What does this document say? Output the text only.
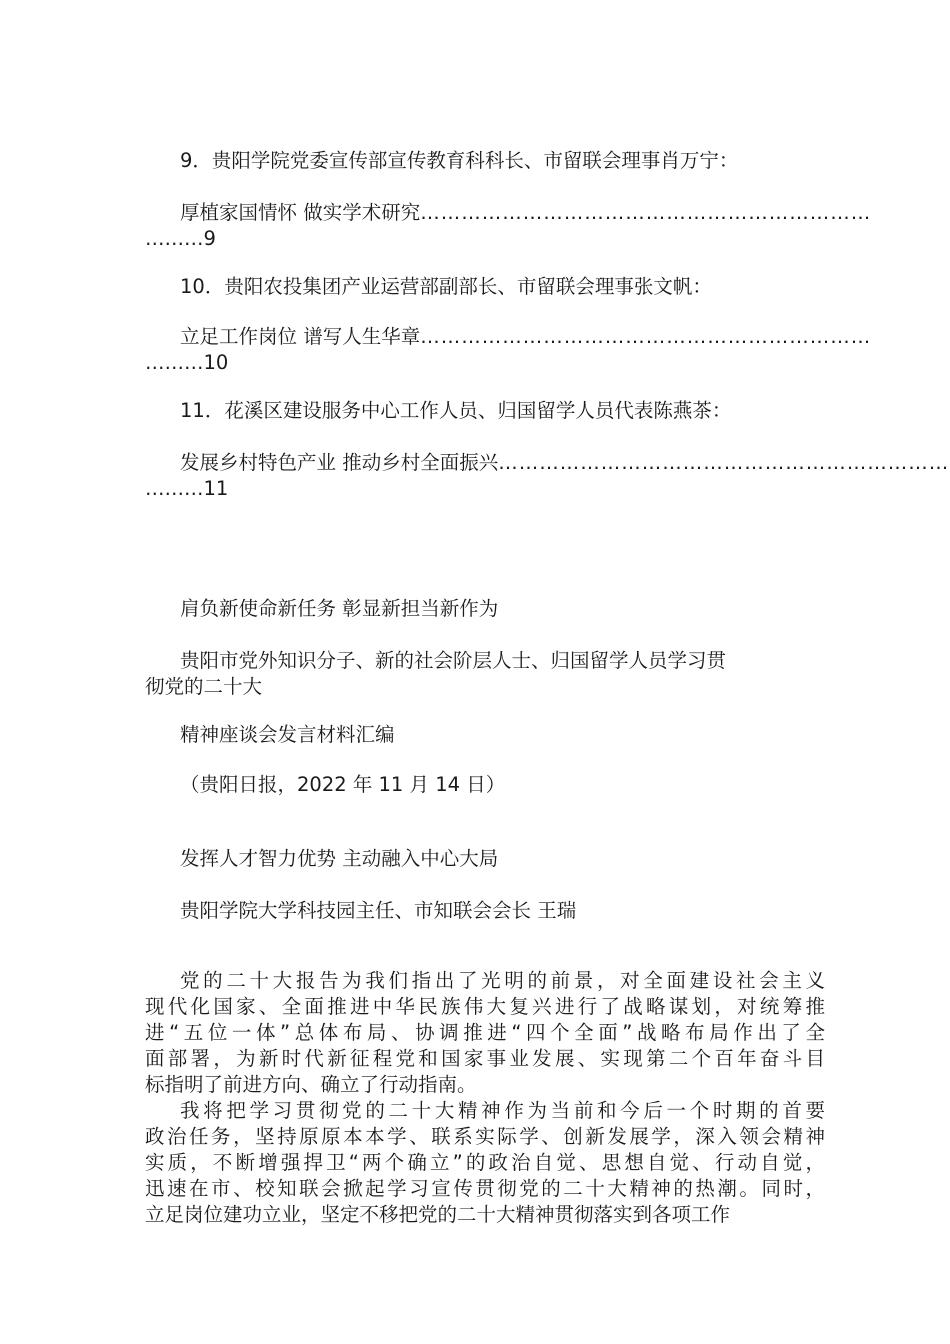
9．贵阳学院党委宣传部宣传教育科科长、市留联会理事肖万宁：
厚植家国情怀 做实学术研究 …………………………………………………………
………9
10．贵阳农投集团产业运营部副部长、市留联会理事张文帆：
立足工作岗位 谱写人生华章 …………………………………………………………
………10
11．花溪区建设服务中心工作人员、归国留学人员代表陈燕茶：
发展乡村特色产业 推动乡村全面振兴 …………………………………………………………
………11
肩负新使命新任务 彰显新担当新作为
贵阳市党外知识分子、新的社会阶层人士、归国留学人员学习贯
彻党的二十大
精神座谈会发言材料汇编
（贵阳日报，2022 年 11 月 14 日）
发挥人才智力优势 主动融入中心大局
贵阳学院大学科技园主任、市知联会会长 王瑞
党的二十大报告为我们指出了光明的前景，对全面建设社会主义
现代化国家、全面推进中华民族伟大复兴进行了战略谋划，对统筹推
进“五位一体”总体布局、协调推进“四个全面”战略布局作出了全
面部署，为新时代新征程党和国家事业发展、实现第二个百年奋斗目
标指明了前进方向、确立了行动指南。
我将把学习贯彻党的二十大精神作为当前和今后一个时期的首要
政治任务，坚持原原本本学、联系实际学、创新发展学，深入领会精神
实质，不断增强捍卫“两个确立”的政治自觉、思想自觉、行动自觉，
迅速在市、校知联会掀起学习宣传贯彻党的二十大精神的热潮。同时，
立足岗位建功立业，坚定不移把党的二十大精神贯彻落实到各项工作
